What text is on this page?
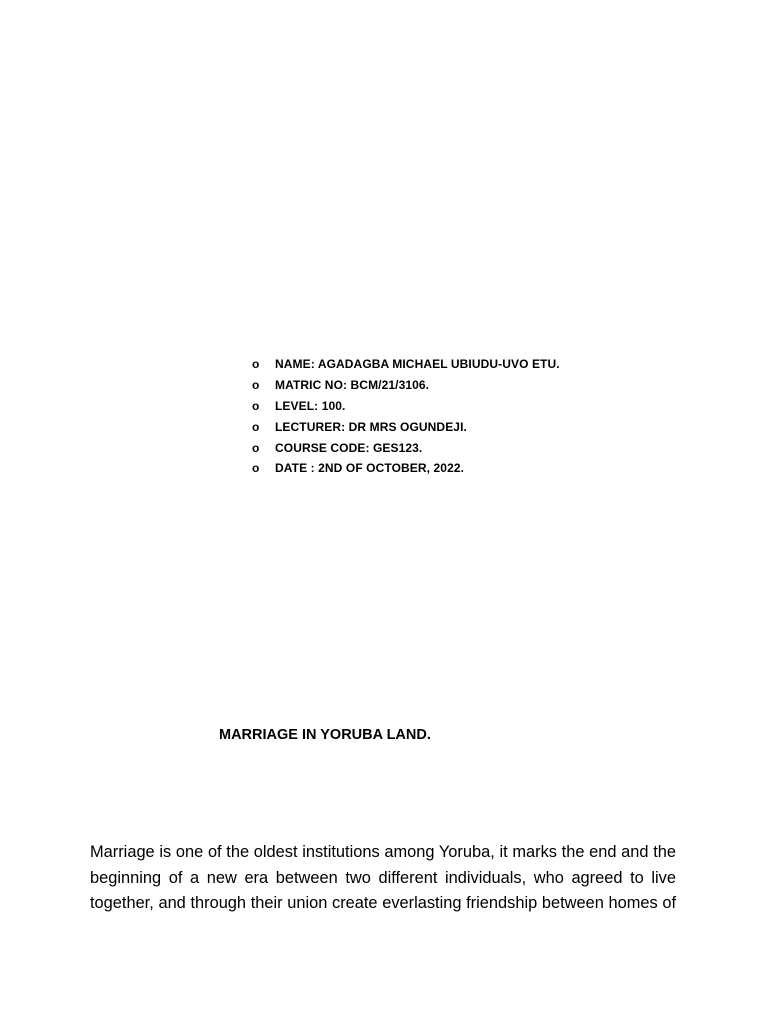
o	NAME: AGADAGBA MICHAEL UBIUDU-UVO ETU.
o	MATRIC NO: BCM/21/3106.
o	LEVEL: 100.
o	LECTURER: DR MRS OGUNDEJI.
o	COURSE CODE: GES123.
o	DATE : 2ND OF OCTOBER, 2022.
MARRIAGE IN YORUBA LAND.

Marriage is one of the oldest institutions among Yoruba, it marks the end and the beginning of a new era between two different individuals, who agreed to live together, and through their union create everlasting friendship between homes of
